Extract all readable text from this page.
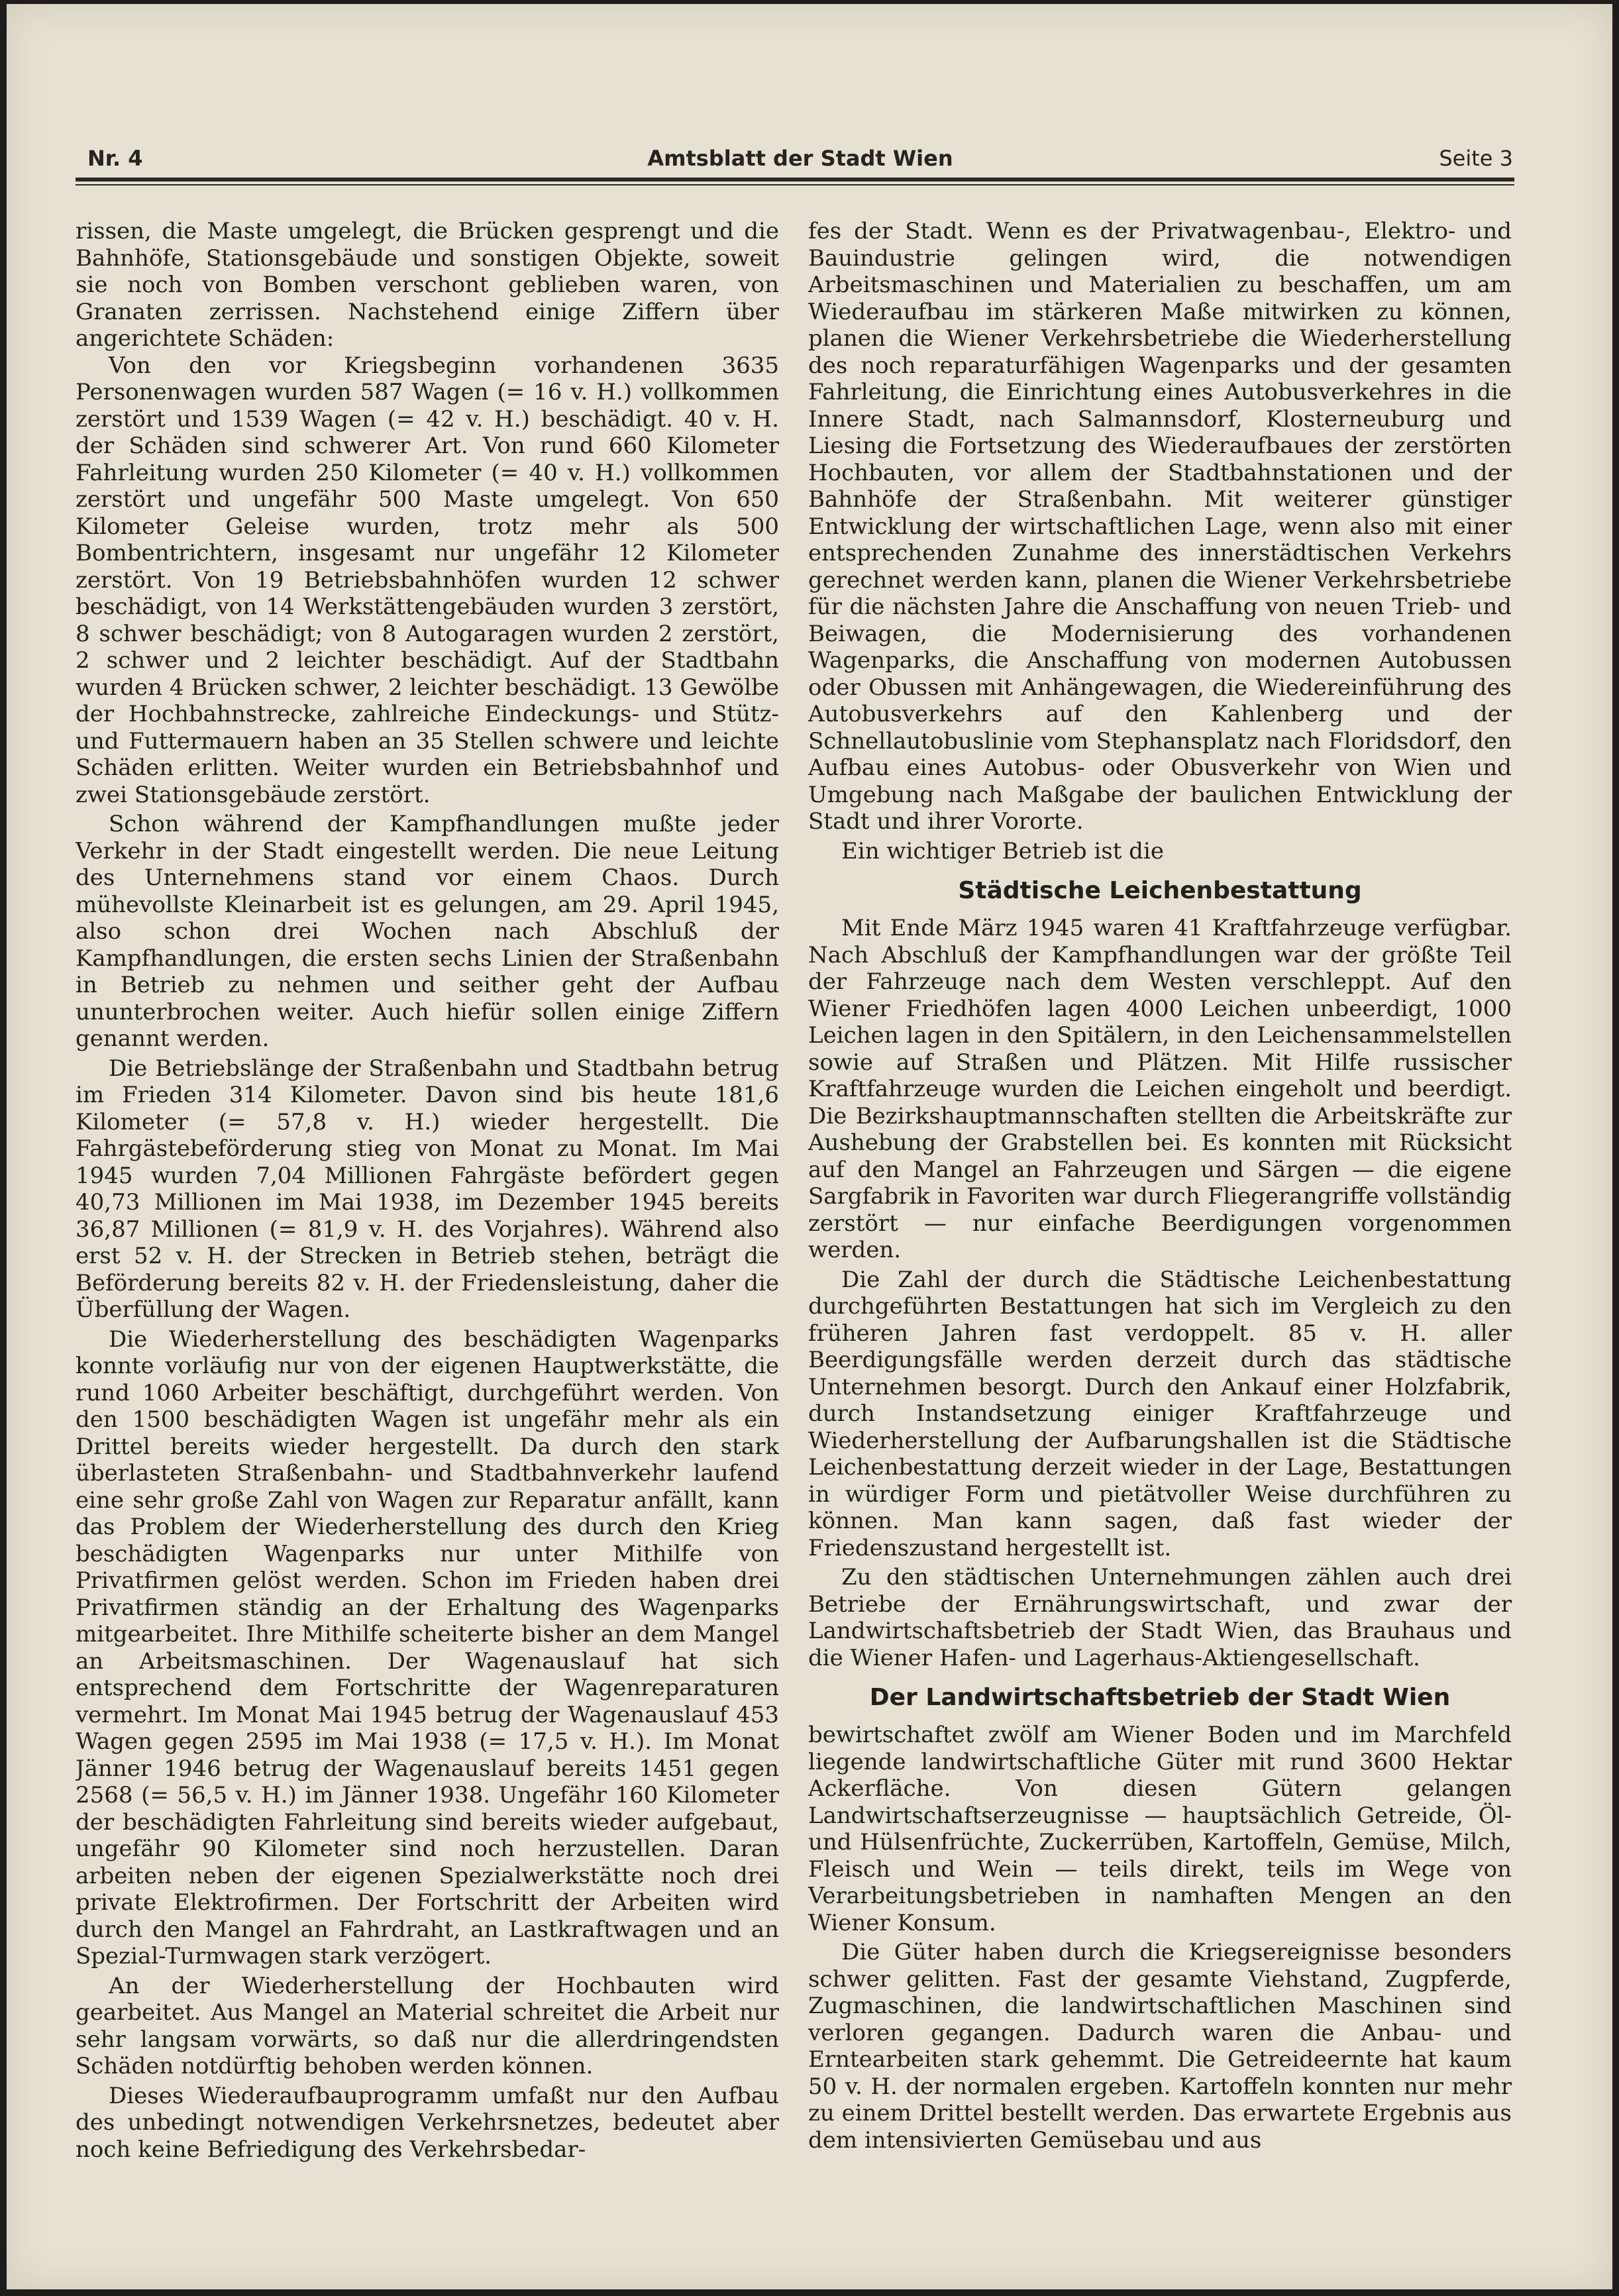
Nr. 4	Amtsblatt der Stadt Wien	Seite 3

rissen, die Maste umgelegt, die Brücken gesprengt und die Bahnhöfe, Stationsgebäude und sonstigen Objekte, soweit sie noch von Bomben verschont geblieben waren, von Granaten zerrissen. Nachstehend einige Ziffern über angerichtete Schäden:

Von den vor Kriegsbeginn vorhandenen 3635 Personenwagen wurden 587 Wagen (= 16 v. H.) vollkommen zerstört und 1539 Wagen (= 42 v. H.) beschädigt. 40 v. H. der Schäden sind schwerer Art. Von rund 660 Kilometer Fahrleitung wurden 250 Kilometer (= 40 v. H.) vollkommen zerstört und ungefähr 500 Maste umgelegt. Von 650 Kilometer Geleise wurden, trotz mehr als 500 Bombentrichtern, insgesamt nur ungefähr 12 Kilometer zerstört. Von 19 Betriebsbahnhöfen wurden 12 schwer beschädigt, von 14 Werkstättengebäuden wurden 3 zerstört, 8 schwer beschädigt; von 8 Autogaragen wurden 2 zerstört, 2 schwer und 2 leichter beschädigt. Auf der Stadtbahn wurden 4 Brücken schwer, 2 leichter beschädigt. 13 Gewölbe der Hochbahnstrecke, zahlreiche Eindeckungs- und Stütz- und Futtermauern haben an 35 Stellen schwere und leichte Schäden erlitten. Weiter wurden ein Betriebsbahnhof und zwei Stationsgebäude zerstört.

Schon während der Kampfhandlungen mußte jeder Verkehr in der Stadt eingestellt werden. Die neue Leitung des Unternehmens stand vor einem Chaos. Durch mühevollste Kleinarbeit ist es gelungen, am 29. April 1945, also schon drei Wochen nach Abschluß der Kampfhandlungen, die ersten sechs Linien der Straßenbahn in Betrieb zu nehmen und seither geht der Aufbau ununterbrochen weiter. Auch hiefür sollen einige Ziffern genannt werden.

Die Betriebslänge der Straßenbahn und Stadtbahn betrug im Frieden 314 Kilometer. Davon sind bis heute 181,6 Kilometer (= 57,8 v. H.) wieder hergestellt. Die Fahrgästebeförderung stieg von Monat zu Monat. Im Mai 1945 wurden 7,04 Millionen Fahrgäste befördert gegen 40,73 Millionen im Mai 1938, im Dezember 1945 bereits 36,87 Millionen (= 81,9 v. H. des Vorjahres). Während also erst 52 v. H. der Strecken in Betrieb stehen, beträgt die Beförderung bereits 82 v. H. der Friedensleistung, daher die Überfüllung der Wagen.

Die Wiederherstellung des beschädigten Wagenparks konnte vorläufig nur von der eigenen Hauptwerkstätte, die rund 1060 Arbeiter beschäftigt, durchgeführt werden. Von den 1500 beschädigten Wagen ist ungefähr mehr als ein Drittel bereits wieder hergestellt. Da durch den stark überlasteten Straßenbahn- und Stadtbahnverkehr laufend eine sehr große Zahl von Wagen zur Reparatur anfällt, kann das Problem der Wiederherstellung des durch den Krieg beschädigten Wagenparks nur unter Mithilfe von Privatfirmen gelöst werden. Schon im Frieden haben drei Privatfirmen ständig an der Erhaltung des Wagenparks mitgearbeitet. Ihre Mithilfe scheiterte bisher an dem Mangel an Arbeitsmaschinen. Der Wagenauslauf hat sich entsprechend dem Fortschritte der Wagenreparaturen vermehrt. Im Monat Mai 1945 betrug der Wagenauslauf 453 Wagen gegen 2595 im Mai 1938 (= 17,5 v. H.). Im Monat Jänner 1946 betrug der Wagenauslauf bereits 1451 gegen 2568 (= 56,5 v. H.) im Jänner 1938. Ungefähr 160 Kilometer der beschädigten Fahrleitung sind bereits wieder aufgebaut, ungefähr 90 Kilometer sind noch herzustellen. Daran arbeiten neben der eigenen Spezialwerkstätte noch drei private Elektrofirmen. Der Fortschritt der Arbeiten wird durch den Mangel an Fahrdraht, an Lastkraftwagen und an Spezial-Turmwagen stark verzögert.

An der Wiederherstellung der Hochbauten wird gearbeitet. Aus Mangel an Material schreitet die Arbeit nur sehr langsam vorwärts, so daß nur die allerdringendsten Schäden notdürftig behoben werden können.

Dieses Wiederaufbauprogramm umfaßt nur den Aufbau des unbedingt notwendigen Verkehrsnetzes, bedeutet aber noch keine Befriedigung des Verkehrsbedar-

fes der Stadt. Wenn es der Privatwagenbau-, Elektro- und Bauindustrie gelingen wird, die notwendigen Arbeitsmaschinen und Materialien zu beschaffen, um am Wiederaufbau im stärkeren Maße mitwirken zu können, planen die Wiener Verkehrsbetriebe die Wiederherstellung des noch reparaturfähigen Wagenparks und der gesamten Fahrleitung, die Einrichtung eines Autobusverkehres in die Innere Stadt, nach Salmannsdorf, Klosterneuburg und Liesing die Fortsetzung des Wiederaufbaues der zerstörten Hochbauten, vor allem der Stadtbahnstationen und der Bahnhöfe der Straßenbahn. Mit weiterer günstiger Entwicklung der wirtschaftlichen Lage, wenn also mit einer entsprechenden Zunahme des innerstädtischen Verkehrs gerechnet werden kann, planen die Wiener Verkehrsbetriebe für die nächsten Jahre die Anschaffung von neuen Trieb- und Beiwagen, die Modernisierung des vorhandenen Wagenparks, die Anschaffung von modernen Autobussen oder Obussen mit Anhängewagen, die Wiedereinführung des Autobusverkehrs auf den Kahlenberg und der Schnellautobuslinie vom Stephansplatz nach Floridsdorf, den Aufbau eines Autobus- oder Obusverkehr von Wien und Umgebung nach Maßgabe der baulichen Entwicklung der Stadt und ihrer Vororte.

Ein wichtiger Betrieb ist die

Städtische Leichenbestattung

Mit Ende März 1945 waren 41 Kraftfahrzeuge verfügbar. Nach Abschluß der Kampfhandlungen war der größte Teil der Fahrzeuge nach dem Westen verschleppt. Auf den Wiener Friedhöfen lagen 4000 Leichen unbeerdigt, 1000 Leichen lagen in den Spitälern, in den Leichensammelstellen sowie auf Straßen und Plätzen. Mit Hilfe russischer Kraftfahrzeuge wurden die Leichen eingeholt und beerdigt. Die Bezirkshauptmannschaften stellten die Arbeitskräfte zur Aushebung der Grabstellen bei. Es konnten mit Rücksicht auf den Mangel an Fahrzeugen und Särgen — die eigene Sargfabrik in Favoriten war durch Fliegerangriffe vollständig zerstört — nur einfache Beerdigungen vorgenommen werden.

Die Zahl der durch die Städtische Leichenbestattung durchgeführten Bestattungen hat sich im Vergleich zu den früheren Jahren fast verdoppelt. 85 v. H. aller Beerdigungsfälle werden derzeit durch das städtische Unternehmen besorgt. Durch den Ankauf einer Holzfabrik, durch Instandsetzung einiger Kraftfahrzeuge und Wiederherstellung der Aufbarungshallen ist die Städtische Leichenbestattung derzeit wieder in der Lage, Bestattungen in würdiger Form und pietätvoller Weise durchführen zu können. Man kann sagen, daß fast wieder der Friedenszustand hergestellt ist.

Zu den städtischen Unternehmungen zählen auch drei Betriebe der Ernährungswirtschaft, und zwar der Landwirtschaftsbetrieb der Stadt Wien, das Brauhaus und die Wiener Hafen- und Lagerhaus-Aktiengesellschaft.

Der Landwirtschaftsbetrieb der Stadt Wien

bewirtschaftet zwölf am Wiener Boden und im Marchfeld liegende landwirtschaftliche Güter mit rund 3600 Hektar Ackerfläche. Von diesen Gütern gelangen Landwirtschaftserzeugnisse — hauptsächlich Getreide, Öl- und Hülsenfrüchte, Zuckerrüben, Kartoffeln, Gemüse, Milch, Fleisch und Wein — teils direkt, teils im Wege von Verarbeitungsbetrieben in namhaften Mengen an den Wiener Konsum.

Die Güter haben durch die Kriegsereignisse besonders schwer gelitten. Fast der gesamte Viehstand, Zugpferde, Zugmaschinen, die landwirtschaftlichen Maschinen sind verloren gegangen. Dadurch waren die Anbau- und Erntearbeiten stark gehemmt. Die Getreideernte hat kaum 50 v. H. der normalen ergeben. Kartoffeln konnten nur mehr zu einem Drittel bestellt werden. Das erwartete Ergebnis aus dem intensivierten Gemüsebau und aus
